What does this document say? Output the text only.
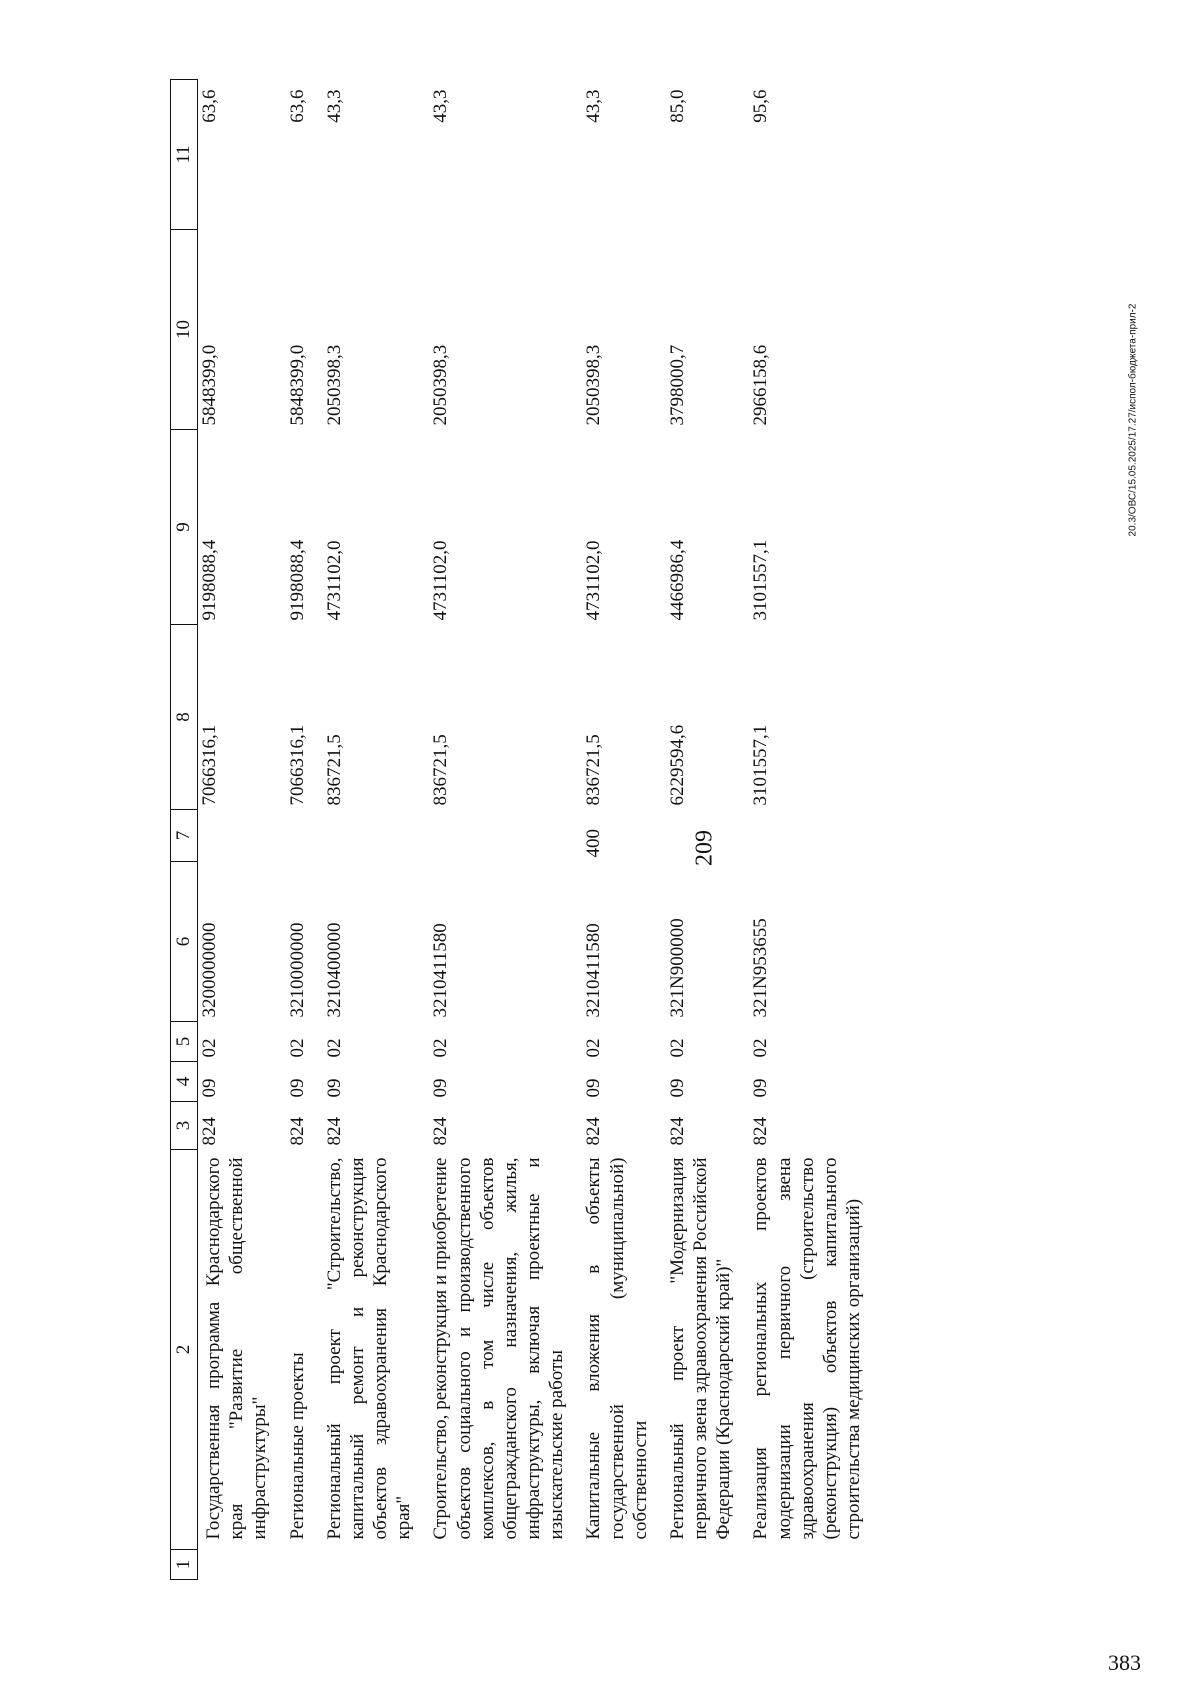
209
20.3/ОВС/15.05.2025/17.27/испол-бюджета-прил-2
383
1	2	3	4	5	6	7	8	9	10	11
	Государственная программа Краснодарского края "Развитие общественной инфраструктуры"	824	09	02	3200000000		7066316,1	9198088,4	5848399,0	63,6
	Региональные проекты	824	09	02	3210000000		7066316,1	9198088,4	5848399,0	63,6
	Региональный проект "Строительство, капитальный ремонт и реконструкция объектов здравоохранения Краснодарского края"	824	09	02	3210400000		836721,5	4731102,0	2050398,3	43,3
	Строительство, реконструкция и приобретение объектов социального и производственного комплексов, в том числе объектов общегражданского назначения, жилья, инфраструктуры, включая проектные и изыскательские работы	824	09	02	3210411580		836721,5	4731102,0	2050398,3	43,3
	Капитальные вложения в объекты государственной (муниципальной) собственности	824	09	02	3210411580	400	836721,5	4731102,0	2050398,3	43,3
	Региональный проект "Модернизация первичного звена здравоохранения Российской Федерации (Краснодарский край)"	824	09	02	321N900000		6229594,6	4466986,4	3798000,7	85,0
	Реализация региональных проектов модернизации первичного звена здравоохранения (строительство (реконструкция) объектов капитального строительства медицинских организаций)	824	09	02	321N953655		3101557,1	3101557,1	2966158,6	95,6
